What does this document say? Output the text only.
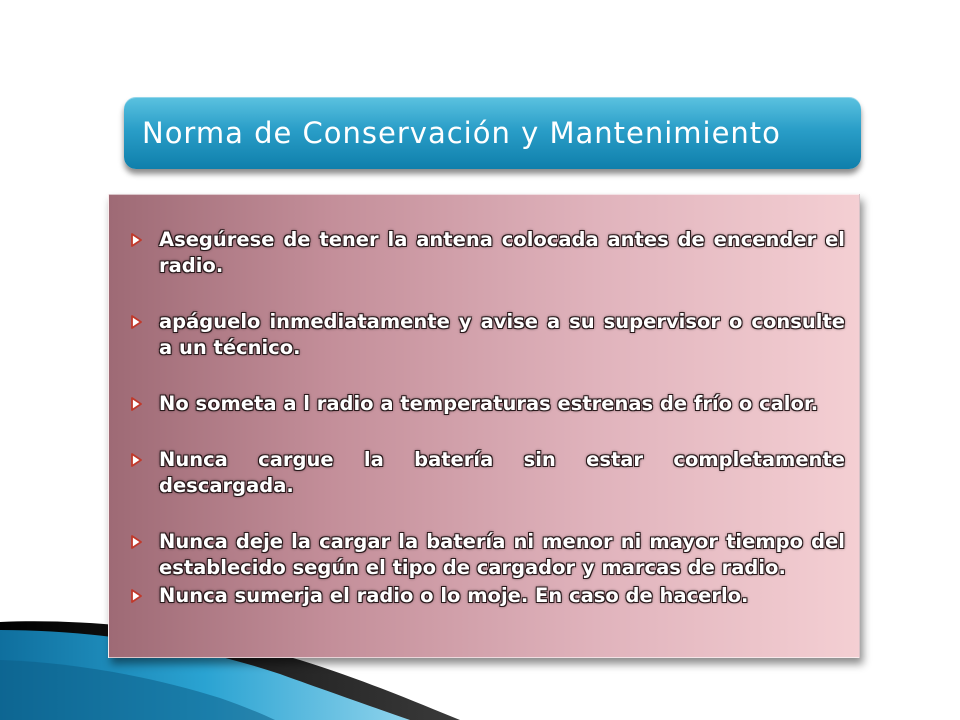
Norma de Conservación y Mantenimiento
Asegúrese de tener la antena colocada antes de encender el radio.
apáguelo inmediatamente y avise a su supervisor o consulte a un técnico.
No someta a l radio a temperaturas estrenas de frío o calor.
Nunca cargue la batería sin estar completamente descargada.
Nunca deje la cargar la batería ni menor ni mayor tiempo del establecido según el tipo de cargador y marcas de radio.
Nunca sumerja el radio o lo moje. En caso de hacerlo.
